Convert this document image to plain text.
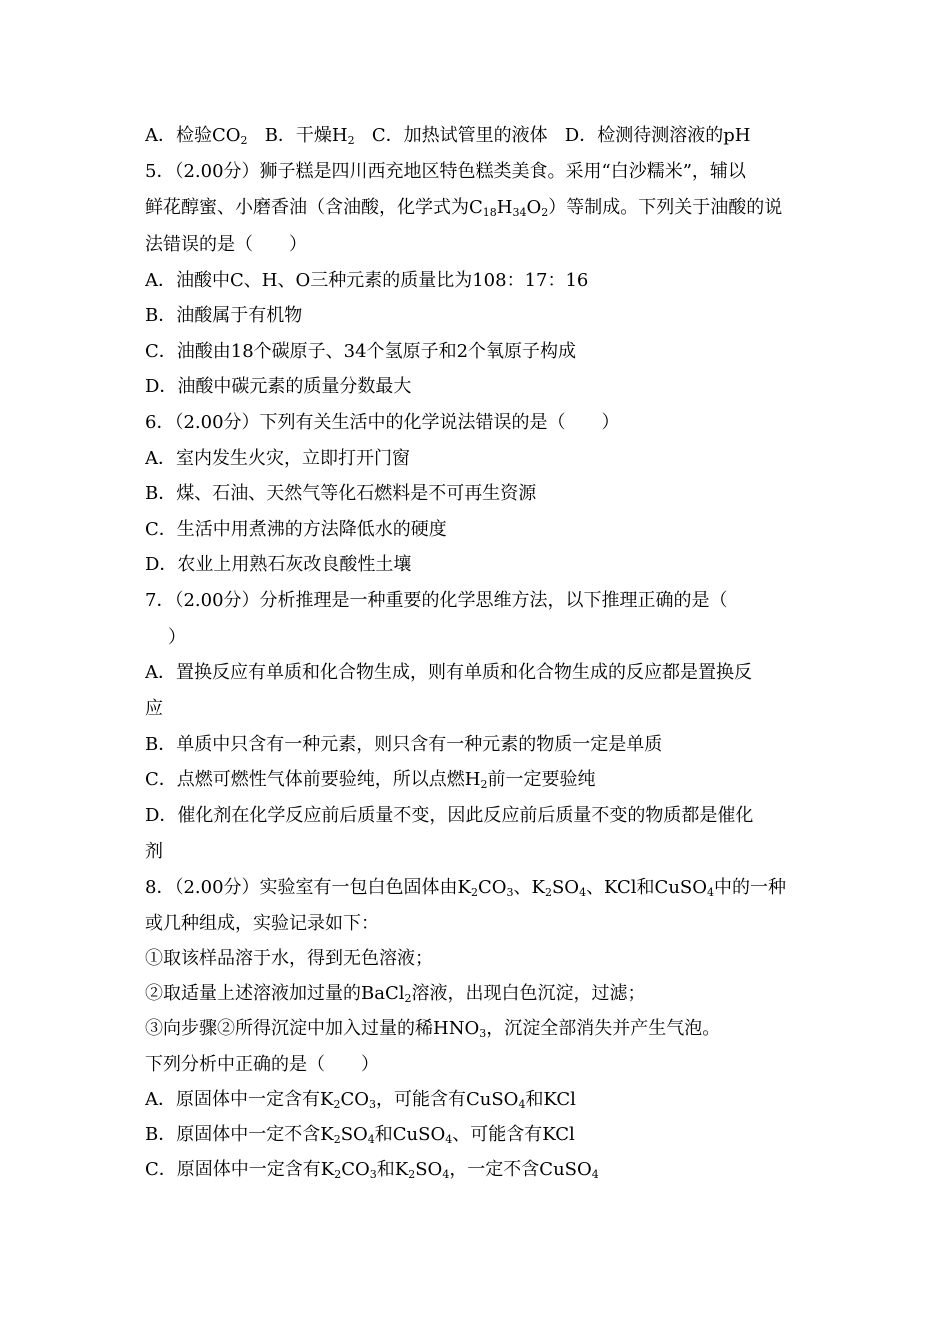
A．检验$CO_2$ B．干燥$H_2$ C．加热试管里的液体 D．检测待测溶液的pH
5．（2.00分）狮子糕是四川西充地区特色糕类美食。采用“白沙糯米”，辅以
鲜花醇蜜、小磨香油（含油酸，化学式为$C_{18}H_{34}O_2$）等制成。下列关于油酸的说
法错误的是（　　）
A．油酸中C、H、O三种元素的质量比为108：17：16
B．油酸属于有机物
C．油酸由18个碳原子、34个氢原子和2个氧原子构成
D．油酸中碳元素的质量分数最大
6．（2.00分）下列有关生活中的化学说法错误的是（　　）
A．室内发生火灾，立即打开门窗
B．煤、石油、天然气等化石燃料是不可再生资源
C．生活中用煮沸的方法降低水的硬度
D．农业上用熟石灰改良酸性土壤
7．（2.00分）分析推理是一种重要的化学思维方法，以下推理正确的是（
）
A．置换反应有单质和化合物生成，则有单质和化合物生成的反应都是置换反
应
B．单质中只含有一种元素，则只含有一种元素的物质一定是单质
C．点燃可燃性气体前要验纯，所以点燃$H_2$前一定要验纯
D．催化剂在化学反应前后质量不变，因此反应前后质量不变的物质都是催化
剂
8．（2.00分）实验室有一包白色固体由$K_2CO_3$、$K_2SO_4$、KCl和CuSO$_4$中的一种
或几种组成，实验记录如下：
①取该样品溶于水，得到无色溶液；
②取适量上述溶液加过量的BaCl$_2$溶液，出现白色沉淀，过滤；
③向步骤②所得沉淀中加入过量的稀$HNO_3$，沉淀全部消失并产生气泡。
下列分析中正确的是（　　）
A．原固体中一定含有$K_2CO_3$，可能含有CuSO$_4$和KCl
B．原固体中一定不含$K_2SO_4$和CuSO$_4$、可能含有KCl
C．原固体中一定含有$K_2CO_3$和$K_2SO_4$，一定不含CuSO$_4$
